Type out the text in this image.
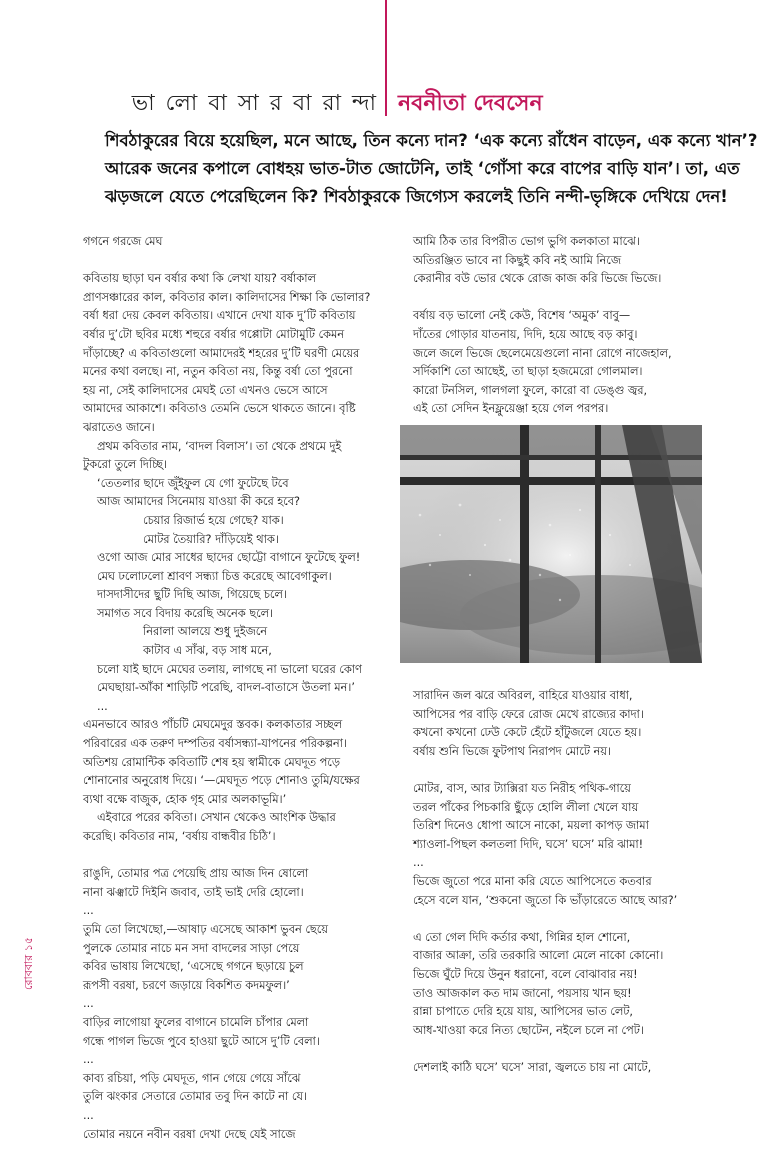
ভা লো বা সা র বা রা ন্দা নবনীতা দেবসেন
শিবঠাকুরের বিয়ে হয়েছিল, মনে আছে, তিন কন্যে দান? ‘এক কন্যে রাঁধেন বাড়েন, এক কন্যে খান’?
আরেক জনের কপালে বোধহয় ভাত-টাত জোটেনি, তাই ‘গোঁসা করে বাপের বাড়ি যান’। তা, এত
ঝড়জলে যেতে পেরেছিলেন কি? শিবঠাকুরকে জিগ্যেস করলেই তিনি নন্দী-ভৃঙ্গিকে দেখিয়ে দেন!
গগনে গরজে মেঘ
কবিতায় ছাড়া ঘন বর্ষার কথা কি লেখা যায়? বর্ষাকাল
প্রাণসঞ্চারের কাল, কবিতার কাল। কালিদাসের শিক্ষা কি ভোলার?
বর্ষা ধরা দেয় কেবল কবিতায়। এখানে দেখা যাক দু’টি কবিতায়
বর্ষার দু’টো ছবির মধ্যে শহুরে বর্ষার গপ্পোটা মোটামুটি কেমন
দাঁড়াচ্ছে? এ কবিতাগুলো আমাদেরই শহরের দু’টি ঘরণী মেয়ের
মনের কথা বলছে। না, নতুন কবিতা নয়, কিন্তু বর্ষা তো পুরনো
হয় না, সেই কালিদাসের মেঘই তো এখনও ভেসে আসে
আমাদের আকাশে। কবিতাও তেমনি ভেসে থাকতে জানে। বৃষ্টি
ঝরাতেও জানে।
প্রথম কবিতার নাম, ‘বাদল বিলাস’। তা থেকে প্রথমে দুই
টুকরো তুলে দিচ্ছি।
‘তেতলার ছাদে জুঁইফুল যে গো ফুটেছে টবে
আজ আমাদের সিনেমায় যাওয়া কী করে হবে?
চেয়ার রিজার্ভ হয়ে গেছে? যাক।
মোটর তৈয়ারি? দাঁড়িয়েই থাক।
ওগো আজ মোর সাধের ছাদের ছোট্টো বাগানে ফুটেছে ফুল!
মেঘ ঢলোঢলো শ্রাবণ সন্ধ্যা চিত্ত করেছে আবেগাকুল।
দাসদাসীদের ছুটি দিছি আজ, গিয়েছে চলে।
সমাগত সবে বিদায় করেছি অনেক ছলে।
নিরালা আলয়ে শুধু দুইজনে
কাটাব এ সাঁঝ, বড় সাধ মনে,
চলো যাই ছাদে মেঘের তলায়, লাগছে না ভালো ঘরের কোণ
মেঘছায়া-আঁকা শাড়িটি পরেছি, বাদল-বাতাসে উতলা মন।’
...
এমনভাবে আরও পাঁচটি মেঘমেদুর স্তবক। কলকাতার সচ্ছল
পরিবারের এক তরুণ দম্পতির বর্ষাসন্ধ্যা-যাপনের পরিকল্পনা।
অতিশয় রোমান্টিক কবিতাটি শেষ হয় স্বামীকে মেঘদূত পড়ে
শোনানোর অনুরোধ দিয়ে। ‘—মেঘদূত পড়ে শোনাও তুমি/যক্ষের
ব্যথা বক্ষে বাজুক, হোক গৃহ মোর অলকাভূমি।’
এইবারে পরের কবিতা। সেখান থেকেও আংশিক উদ্ধার
করেছি। কবিতার নাম, ‘বর্ষায় বান্ধবীর চিঠি’।
রাঙুদি, তোমার পত্র পেয়েছি প্রায় আজ দিন ষোলো
নানা ঝঞ্ঝাটে দিইনি জবাব, তাই ভাই দেরি হোলো।
...
তুমি তো লিখেছো,—আষাঢ় এসেছে আকাশ ভুবন ছেয়ে
পুলকে তোমার নাচে মন সদা বাদলের সাড়া পেয়ে
কবির ভাষায় লিখেছো, ‘এসেছে গগনে ছড়ায়ে চুল
রূপসী বরষা, চরণে জড়ায়ে বিকশিত কদমফুল।’
...
বাড়ির লাগোয়া ফুলের বাগানে চামেলি চাঁপার মেলা
গন্ধে পাগল ভিজে পুবে হাওয়া ছুটে আসে দু’টি বেলা।
...
কাব্য রচিয়া, পড়ি মেঘদূত, গান গেয়ে গেয়ে সাঁঝে
তুলি ঝংকার সেতারে তোমার তবু দিন কাটে না যে।
...
তোমার নয়নে নবীন বরষা দেখা দেছে যেই সাজে
আমি ঠিক তার বিপরীত ভোগ ভুগি কলকাতা মাঝে।
অতিরঞ্জিত ভাবে না কিছুই কবি নই আমি নিজে
কেরানীর বউ ভোর থেকে রোজ কাজ করি ভিজে ভিজে।
বর্ষায় বড় ভালো নেই কেউ, বিশেষ ‘অমুক’ বাবু—
দাঁতের গোড়ার যাতনায়, দিদি, হয়ে আছে বড় কাবু।
জলে জলে ভিজে ছেলেমেয়েগুলো নানা রোগে নাজেহাল,
সর্দিকাশি তো আছেই, তা ছাড়া হজমেরো গোলমাল।
কারো টনসিল, গালগলা ফুলে, কারো বা ডেঙ্গু জ্বর,
এই তো সেদিন ইনফ্লুয়েঞ্জা হয়ে গেল পরপর।
সারাদিন জল ঝরে অবিরল, বাহিরে যাওয়ার বাধা,
আপিসের পর বাড়ি ফেরে রোজ মেখে রাজ্যের কাদা।
কখনো কখনো ঢেউ কেটে হেঁটে হাঁটুজলে যেতে হয়।
বর্ষায় শুনি ভিজে ফুটপাথ নিরাপদ মোটে নয়।
মোটর, বাস, আর ট্যাক্সিরা যত নিরীহ পথিক-গায়ে
তরল পাঁকের পিচকারি ছুঁড়ে হোলি লীলা খেলে যায়
তিরিশ দিনেও ধোপা আসে নাকো, ময়লা কাপড় জামা
শ্যাওলা-পিছল কলতলা দিদি, ঘসে’ ঘসে’ মরি ঝামা!
...
ভিজে জুতো পরে মানা করি যেতে আপিসেতে কতবার
হেসে বলে যান, ‘শুকনো জুতো কি ভাঁড়ারেতে আছে আর?’
এ তো গেল দিদি কর্তার কথা, গিন্নির হাল শোনো,
বাজার আক্রা, তরি তরকারি আলো মেলে নাকো কোনো।
ভিজে ঘুঁটে দিয়ে উনুন ধরানো, বলে বোঝাবার নয়!
তাও আজকাল কত দাম জানো, পয়সায় খান ছয়!
রান্না চাপাতে দেরি হয়ে যায়, আপিসের ভাত লেট,
আধ-খাওয়া করে নিত্য ছোটেন, নইলে চলে না পেট।
দেশলাই কাঠি ঘসে’ ঘসে’ সারা, জ্বলতে চায় না মোটে,
রোববার ১৫
